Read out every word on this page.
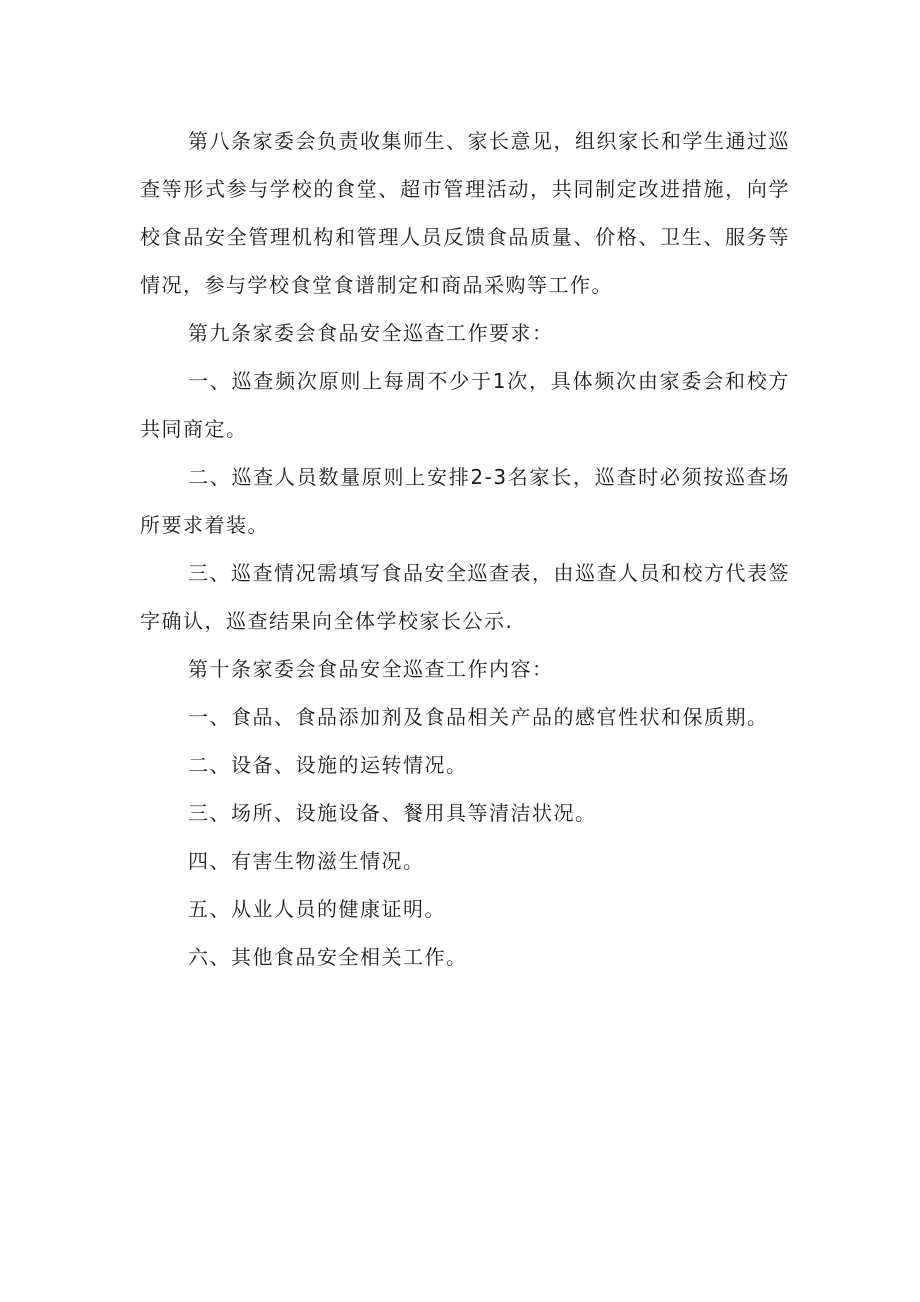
第八条家委会负责收集师生、家长意见，组织家长和学生通过巡查等形式参与学校的食堂、超市管理活动，共同制定改进措施，向学校食品安全管理机构和管理人员反馈食品质量、价格、卫生、服务等情况，参与学校食堂食谱制定和商品采购等工作。

第九条家委会食品安全巡查工作要求：

一、巡查频次原则上每周不少于1次，具体频次由家委会和校方共同商定。

二、巡查人员数量原则上安排2-3名家长，巡查时必须按巡查场所要求着装。

三、巡查情况需填写食品安全巡查表，由巡查人员和校方代表签字确认，巡查结果向全体学校家长公示.

第十条家委会食品安全巡查工作内容：

一、食品、食品添加剂及食品相关产品的感官性状和保质期。

二、设备、设施的运转情况。

三、场所、设施设备、餐用具等清洁状况。

四、有害生物滋生情况。

五、从业人员的健康证明。

六、其他食品安全相关工作。
